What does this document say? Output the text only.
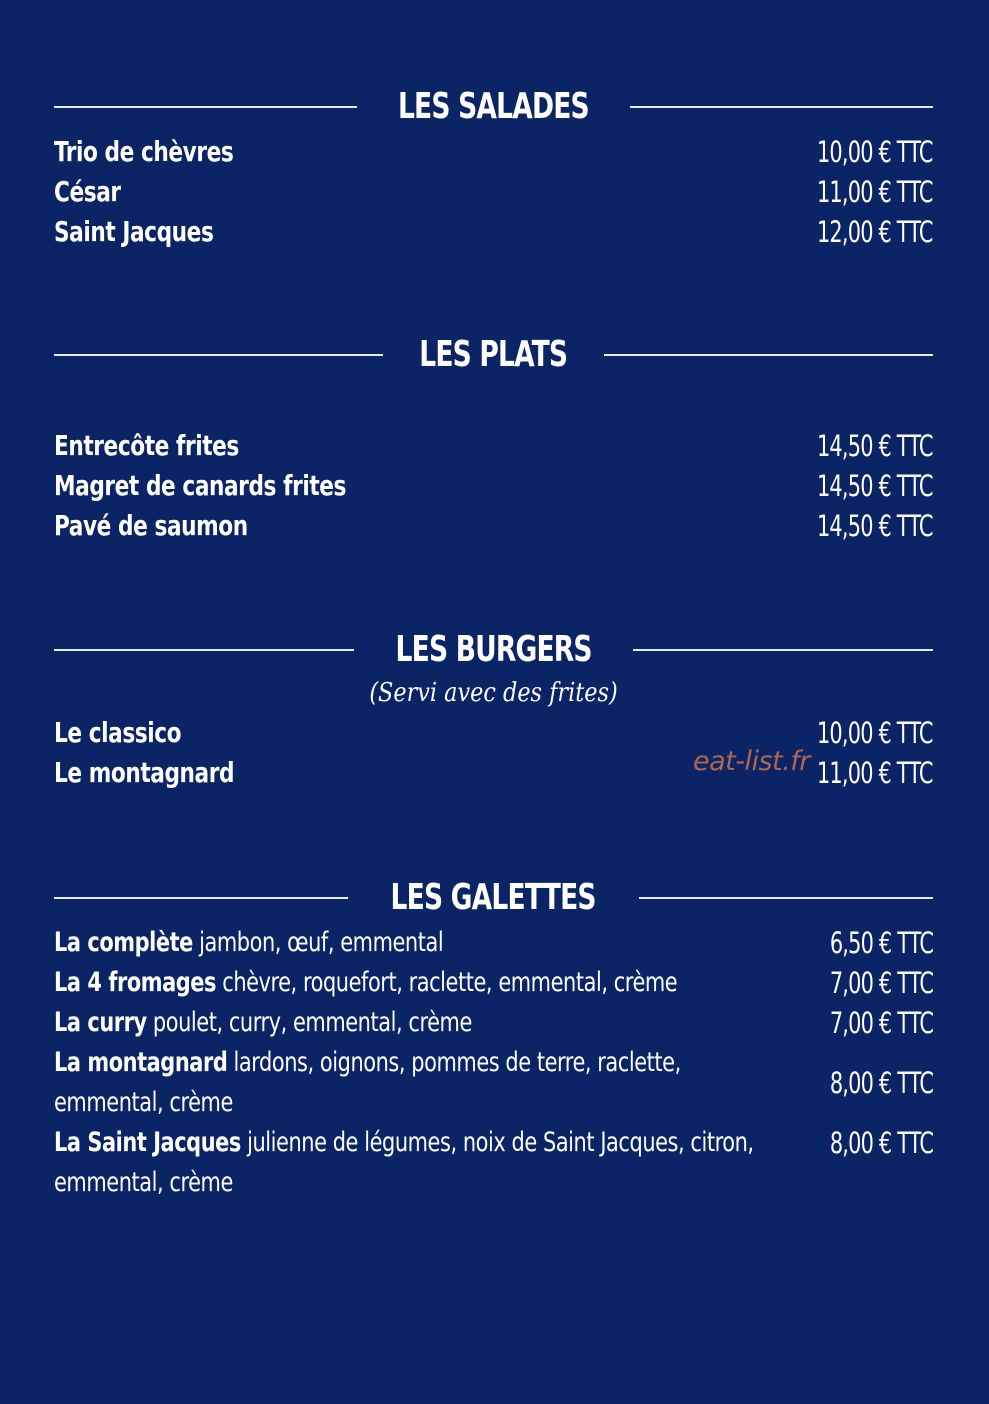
LES SALADES
Trio de chèvres	10,00 € TTC
César	11,00 € TTC
Saint Jacques	12,00 € TTC
LES PLATS
Entrecôte frites	14,50 € TTC
Magret de canards frites	14,50 € TTC
Pavé de saumon	14,50 € TTC
LES BURGERS
(Servi avec des frites)
Le classico	10,00 € TTC
Le montagnard	11,00 € TTC
eat-list.fr
LES GALETTES
La complète jambon, œuf, emmental	6,50 € TTC
La 4 fromages chèvre, roquefort, raclette, emmental, crème	7,00 € TTC
La curry poulet, curry, emmental, crème	7,00 € TTC
La montagnard lardons, oignons, pommes de terre, raclette, emmental, crème
8,00 € TTC
La Saint Jacques julienne de légumes, noix de Saint Jacques, citron, emmental, crème
8,00 € TTC
